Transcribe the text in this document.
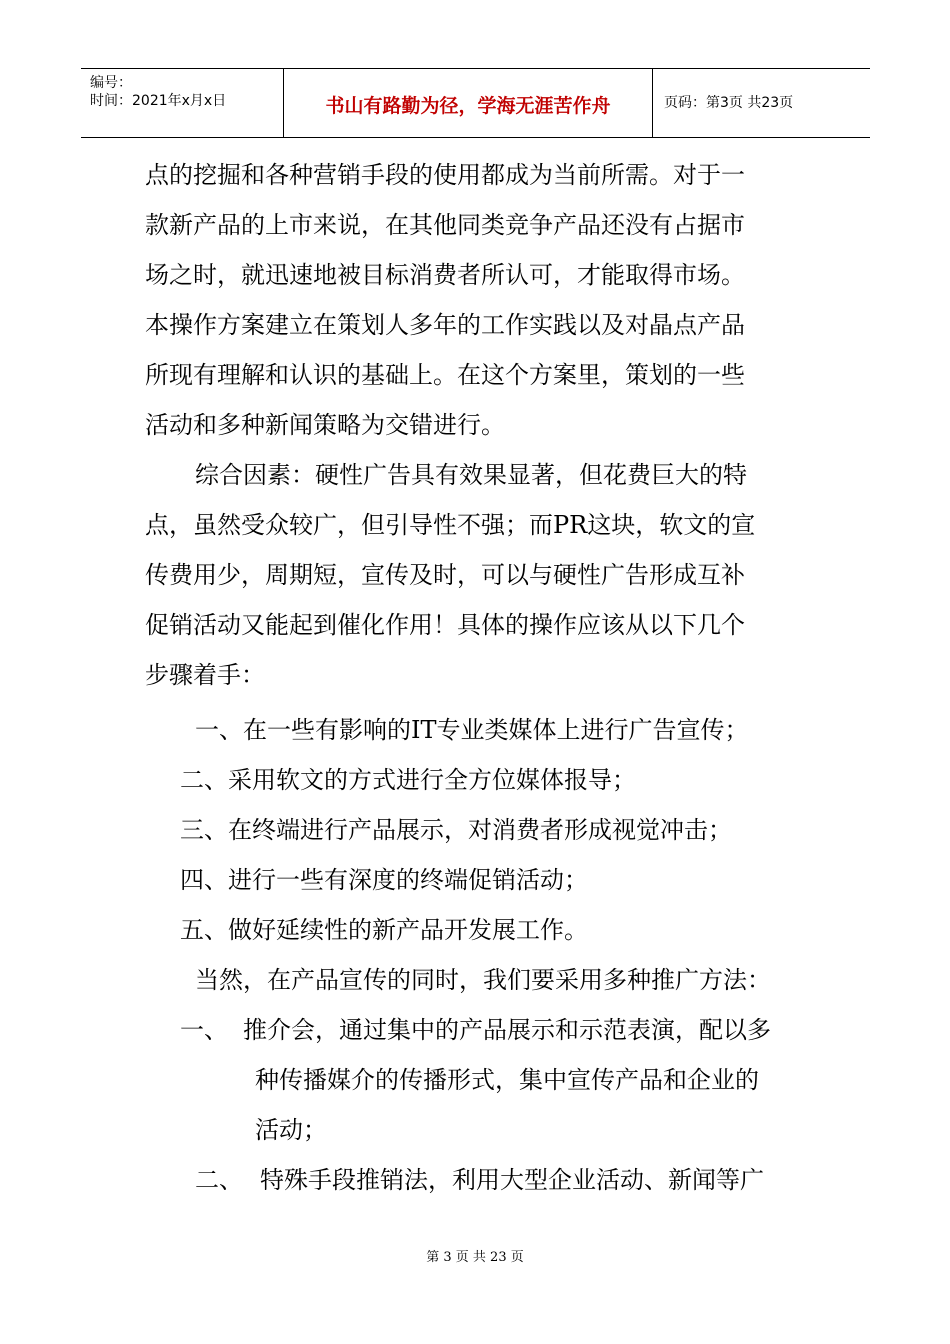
编号：
时间：2021年x月x日	书山有路勤为径，学海无涯苦作舟	页码：第3页 共23页
点的挖掘和各种营销手段的使用都成为当前所需。对于一
款新产品的上市来说，在其他同类竞争产品还没有占据市
场之时，就迅速地被目标消费者所认可，才能取得市场。
本操作方案建立在策划人多年的工作实践以及对晶点产品
所现有理解和认识的基础上。在这个方案里，策划的一些
活动和多种新闻策略为交错进行。
综合因素：硬性广告具有效果显著，但花费巨大的特
点，虽然受众较广，但引导性不强；而PR这块，软文的宣
传费用少，周期短，宣传及时，可以与硬性广告形成互补
促销活动又能起到催化作用！具体的操作应该从以下几个
步骤着手：
一、在一些有影响的IT专业类媒体上进行广告宣传；
二、采用软文的方式进行全方位媒体报导；
三、在终端进行产品展示，对消费者形成视觉冲击；
四、进行一些有深度的终端促销活动；
五、做好延续性的新产品开发展工作。
当然，在产品宣传的同时，我们要采用多种推广方法：
一、 推介会，通过集中的产品展示和示范表演，配以多
种传播媒介的传播形式，集中宣传产品和企业的
活动；
二、 特殊手段推销法，利用大型企业活动、新闻等广
第 3 页 共 23 页
